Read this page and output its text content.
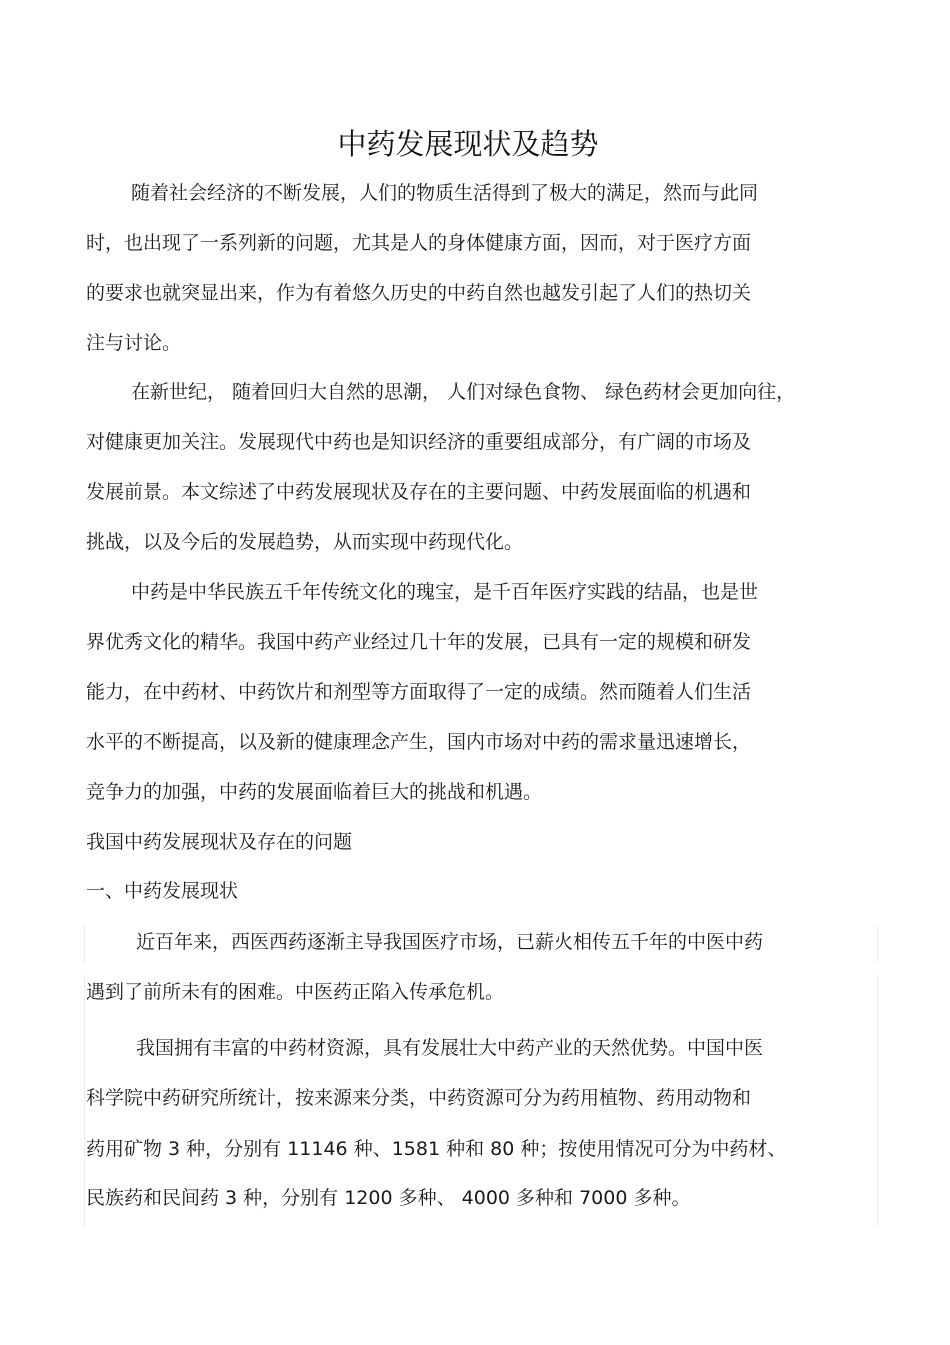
中药发展现状及趋势

随着社会经济的不断发展，人们的物质生活得到了极大的满足，然而与此同

时，也出现了一系列新的问题，尤其是人的身体健康方面，因而，对于医疗方面

的要求也就突显出来，作为有着悠久历史的中药自然也越发引起了人们的热切关

注与讨论。

在新世纪， 随着回归大自然的思潮， 人们对绿色食物、 绿色药材会更加向往，

对健康更加关注。发展现代中药也是知识经济的重要组成部分，有广阔的市场及

发展前景。本文综述了中药发展现状及存在的主要问题、中药发展面临的机遇和

挑战，以及今后的发展趋势，从而实现中药现代化。

中药是中华民族五千年传统文化的瑰宝，是千百年医疗实践的结晶，也是世

界优秀文化的精华。我国中药产业经过几十年的发展，已具有一定的规模和研发

能力，在中药材、中药饮片和剂型等方面取得了一定的成绩。然而随着人们生活

水平的不断提高，以及新的健康理念产生，国内市场对中药的需求量迅速增长，

竞争力的加强，中药的发展面临着巨大的挑战和机遇。

我国中药发展现状及存在的问题

一、中药发展现状

近百年来，西医西药逐渐主导我国医疗市场，已薪火相传五千年的中医中药

遇到了前所未有的困难。中医药正陷入传承危机。

我国拥有丰富的中药材资源，具有发展壮大中药产业的天然优势。中国中医

科学院中药研究所统计，按来源来分类，中药资源可分为药用植物、药用动物和

药用矿物 3 种，分别有 11146 种、1581 种和 80 种；按使用情况可分为中药材、

民族药和民间药 3 种，分别有 1200 多种、 4000 多种和 7000 多种。
